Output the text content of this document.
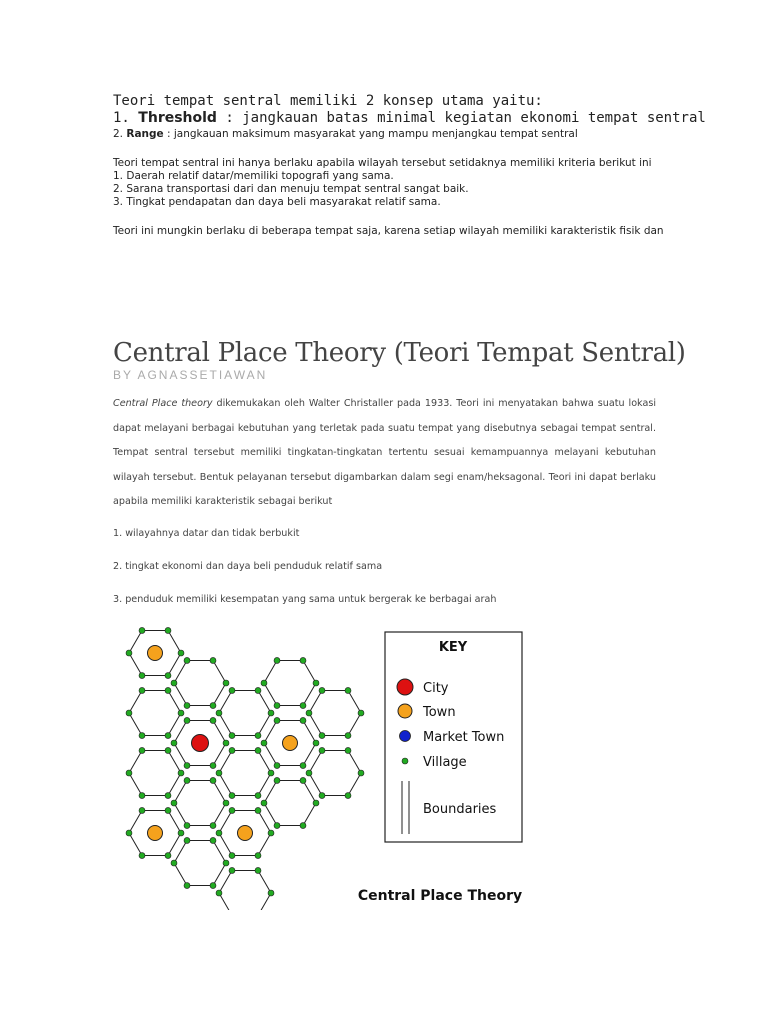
Teori tempat sentral memiliki 2 konsep utama yaitu:
1. Threshold : jangkauan batas minimal kegiatan ekonomi tempat sentral
2. Range : jangkauan maksimum masyarakat yang mampu menjangkau tempat sentral
Teori tempat sentral ini hanya berlaku apabila wilayah tersebut setidaknya memiliki kriteria berikut ini
1. Daerah relatif datar/memiliki topografi yang sama.
2. Sarana transportasi dari dan menuju tempat sentral sangat baik.
3. Tingkat pendapatan dan daya beli masyarakat relatif sama.
Teori ini mungkin berlaku di beberapa tempat saja, karena setiap wilayah memiliki karakteristik fisik dan
Central Place Theory (Teori Tempat Sentral)
BY AGNASSETIAWAN
Central Place theory dikemukakan oleh Walter Christaller pada 1933. Teori ini menyatakan bahwa suatu lokasi dapat melayani berbagai kebutuhan yang terletak pada suatu tempat yang disebutnya sebagai tempat sentral. Tempat sentral tersebut memiliki tingkatan-tingkatan tertentu sesuai kemampuannya melayani kebutuhan wilayah tersebut. Bentuk pelayanan tersebut digambarkan dalam segi enam/heksagonal. Teori ini dapat berlaku apabila memiliki karakteristik sebagai berikut
1. wilayahnya datar dan tidak berbukit
2. tingkat ekonomi dan daya beli penduduk relatif sama
3. penduduk memiliki kesempatan yang sama untuk bergerak ke berbagai arah
KEY
City
Town
Market Town
Village
Boundaries
Central Place Theory
